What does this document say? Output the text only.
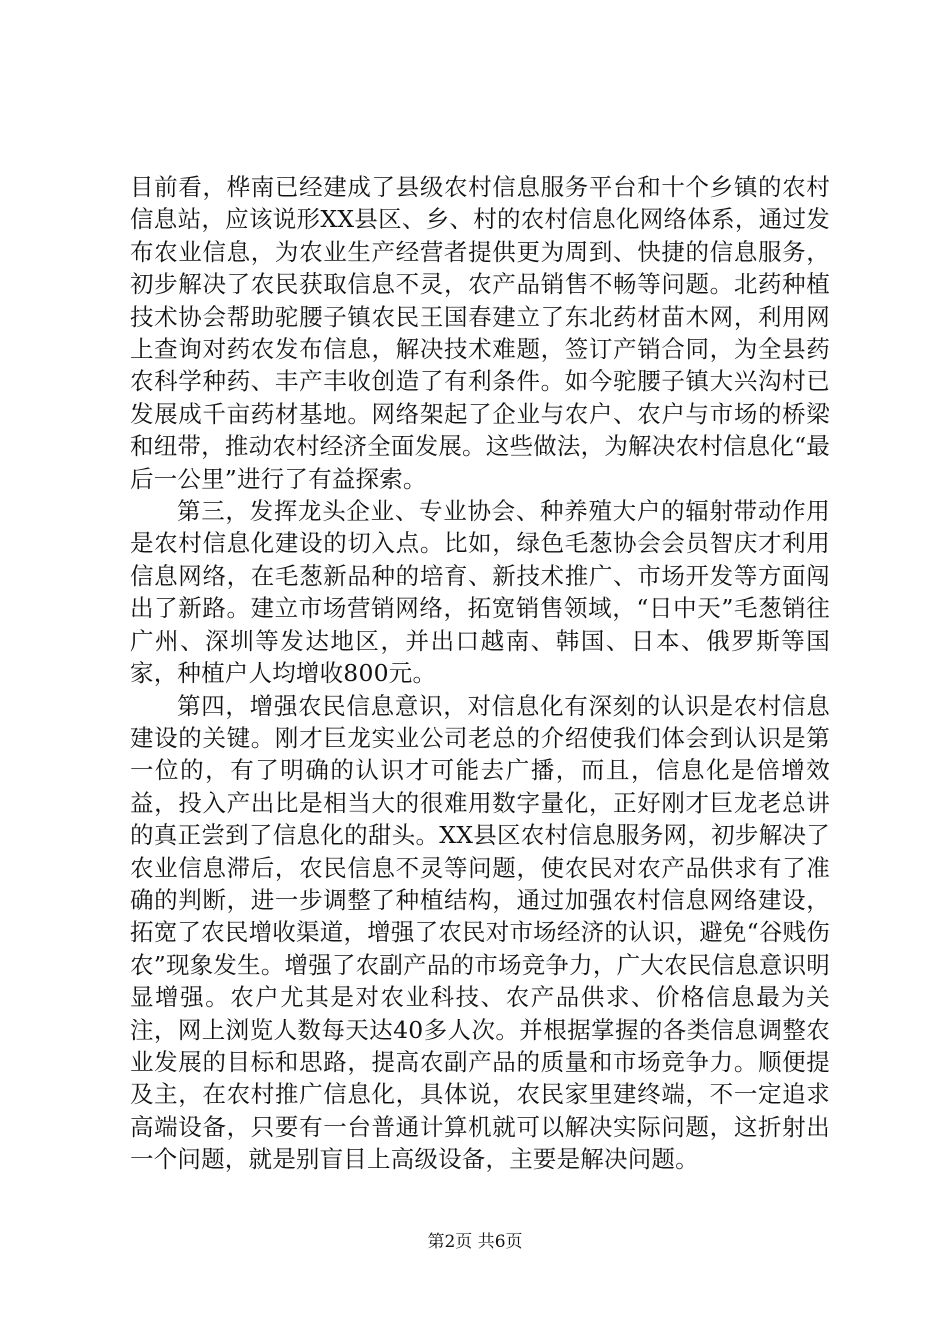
目前看，桦南已经建成了县级农村信息服务平台和十个乡镇的农村信息站，应该说形XX县区、乡、村的农村信息化网络体系，通过发布农业信息，为农业生产经营者提供更为周到、快捷的信息服务，初步解决了农民获取信息不灵，农产品销售不畅等问题。北药种植技术协会帮助驼腰子镇农民王国春建立了东北药材苗木网，利用网上查询对药农发布信息，解决技术难题，签订产销合同，为全县药农科学种药、丰产丰收创造了有利条件。如今驼腰子镇大兴沟村已发展成千亩药材基地。网络架起了企业与农户、农户与市场的桥梁和纽带，推动农村经济全面发展。这些做法，为解决农村信息化“最后一公里”进行了有益探索。

第三，发挥龙头企业、专业协会、种养殖大户的辐射带动作用是农村信息化建设的切入点。比如，绿色毛葱协会会员智庆才利用信息网络，在毛葱新品种的培育、新技术推广、市场开发等方面闯出了新路。建立市场营销网络，拓宽销售领域，“日中天”毛葱销往广州、深圳等发达地区，并出口越南、韩国、日本、俄罗斯等国家，种植户人均增收800元。

第四，增强农民信息意识，对信息化有深刻的认识是农村信息建设的关键。刚才巨龙实业公司老总的介绍使我们体会到认识是第一位的，有了明确的认识才可能去广播，而且，信息化是倍增效益，投入产出比是相当大的很难用数字量化，正好刚才巨龙老总讲的真正尝到了信息化的甜头。XX县区农村信息服务网，初步解决了农业信息滞后，农民信息不灵等问题，使农民对农产品供求有了准确的判断，进一步调整了种植结构，通过加强农村信息网络建设，拓宽了农民增收渠道，增强了农民对市场经济的认识，避免“谷贱伤农”现象发生。增强了农副产品的市场竞争力，广大农民信息意识明显增强。农户尤其是对农业科技、农产品供求、价格信息最为关注，网上浏览人数每天达40多人次。并根据掌握的各类信息调整农业发展的目标和思路，提高农副产品的质量和市场竞争力。顺便提及主，在农村推广信息化，具体说，农民家里建终端，不一定追求高端设备，只要有一台普通计算机就可以解决实际问题，这折射出一个问题，就是别盲目上高级设备，主要是解决问题。

第2页 共6页
